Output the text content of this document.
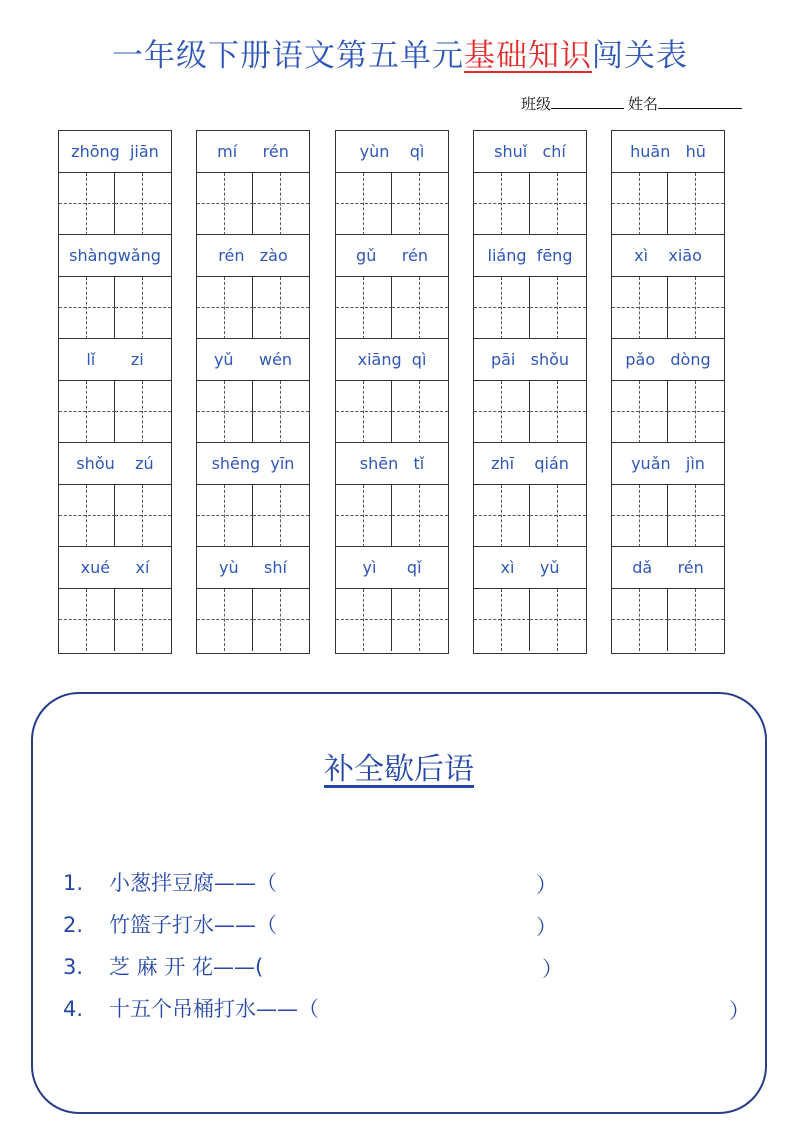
一年级下册语文第五单元基础知识闯关表
班级	姓名
zhōng  jiān
shàngwǎng
lǐ       zi
shǒu    zú
xué     xí
mí     rén
rén   zào
yǔ     wén
shēng  yīn
yù     shí
yùn    qì
gǔ     rén
xiāng  qì
shēn   tǐ
yì      qǐ
shuǐ   chí
liáng  fēng
pāi   shǒu
zhī    qián
xì     yǔ
huān   hū
xì    xiāo
pǎo   dòng
yuǎn   jìn
dǎ     rén
补全歇后语
1. 小葱拌豆腐——（	）
2. 竹篮子打水——（	）
3. 芝 麻 开 花——(	）
4. 十五个吊桶打水——（	）
